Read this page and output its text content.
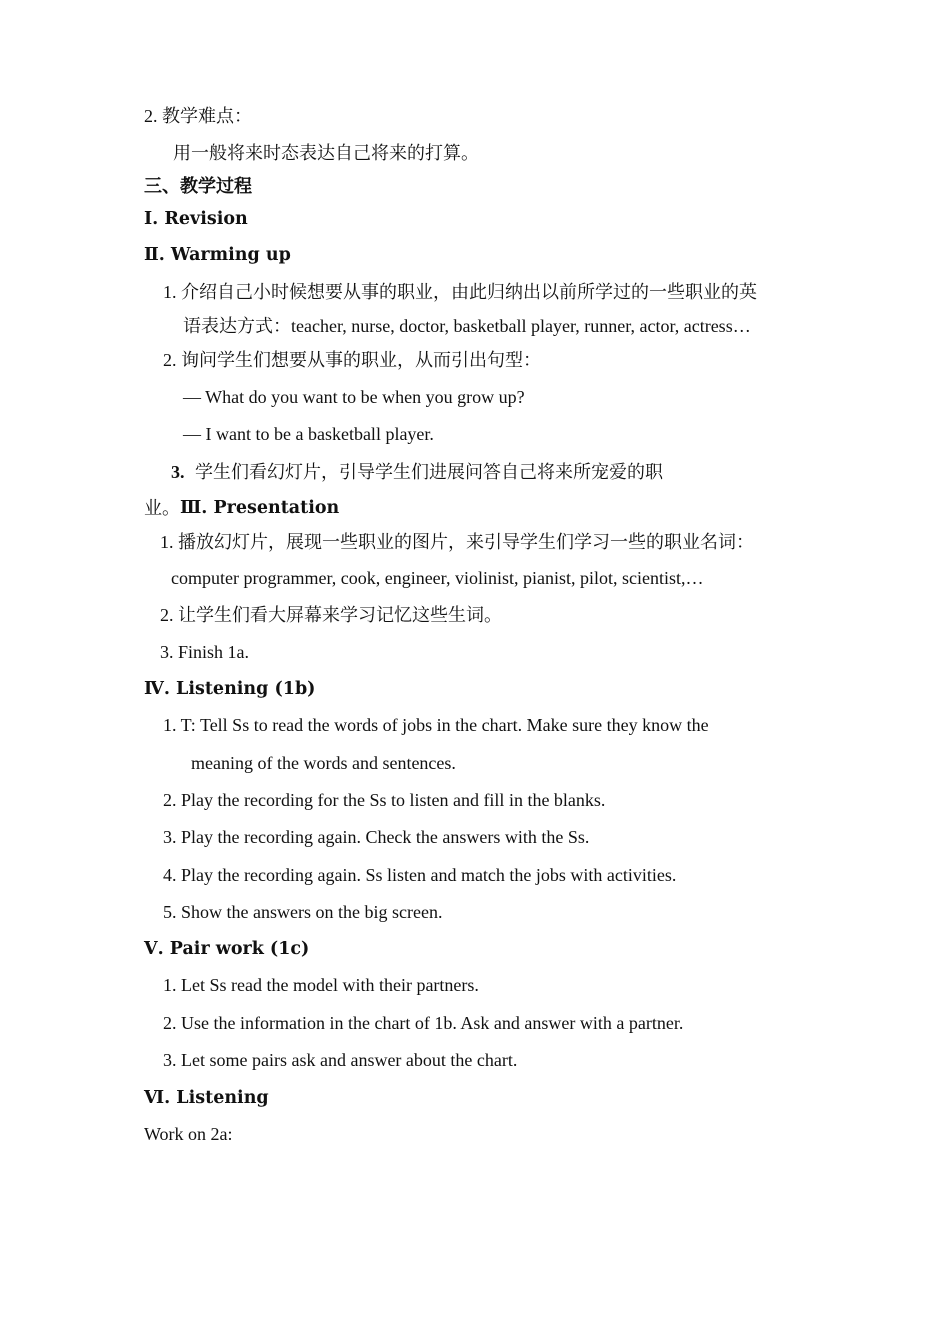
2. 教学难点：
用一般将来时态表达自己将来的打算。
三、教学过程
Ⅰ. Revision
Ⅱ. Warming up
1. 介绍自己小时候想要从事的职业，由此归纳出以前所学过的一些职业的英
语表达方式：teacher, nurse, doctor, basketball player, runner, actor, actress…
2. 询问学生们想要从事的职业，从而引出句型：
— What do you want to be when you grow up?
— I want to be a basketball player.
3. 学生们看幻灯片，引导学生们进展问答自己将来所宠爱的职
业。 Ⅲ. Presentation
1. 播放幻灯片，展现一些职业的图片，来引导学生们学习一些的职业名词：
computer programmer, cook, engineer, violinist, pianist, pilot, scientist,…
2. 让学生们看大屏幕来学习记忆这些生词。
3. Finish 1a.
Ⅳ. Listening (1b)
1. T: Tell Ss to read the words of jobs in the chart. Make sure they know the
meaning of the words and sentences.
2. Play the recording for the Ss to listen and fill in the blanks.
3. Play the recording again. Check the answers with the Ss.
4. Play the recording again. Ss listen and match the jobs with activities.
5. Show the answers on the big screen.
Ⅴ. Pair work (1c)
1. Let Ss read the model with their partners.
2. Use the information in the chart of 1b. Ask and answer with a partner.
3. Let some pairs ask and answer about the chart.
Ⅵ. Listening
Work on 2a:
